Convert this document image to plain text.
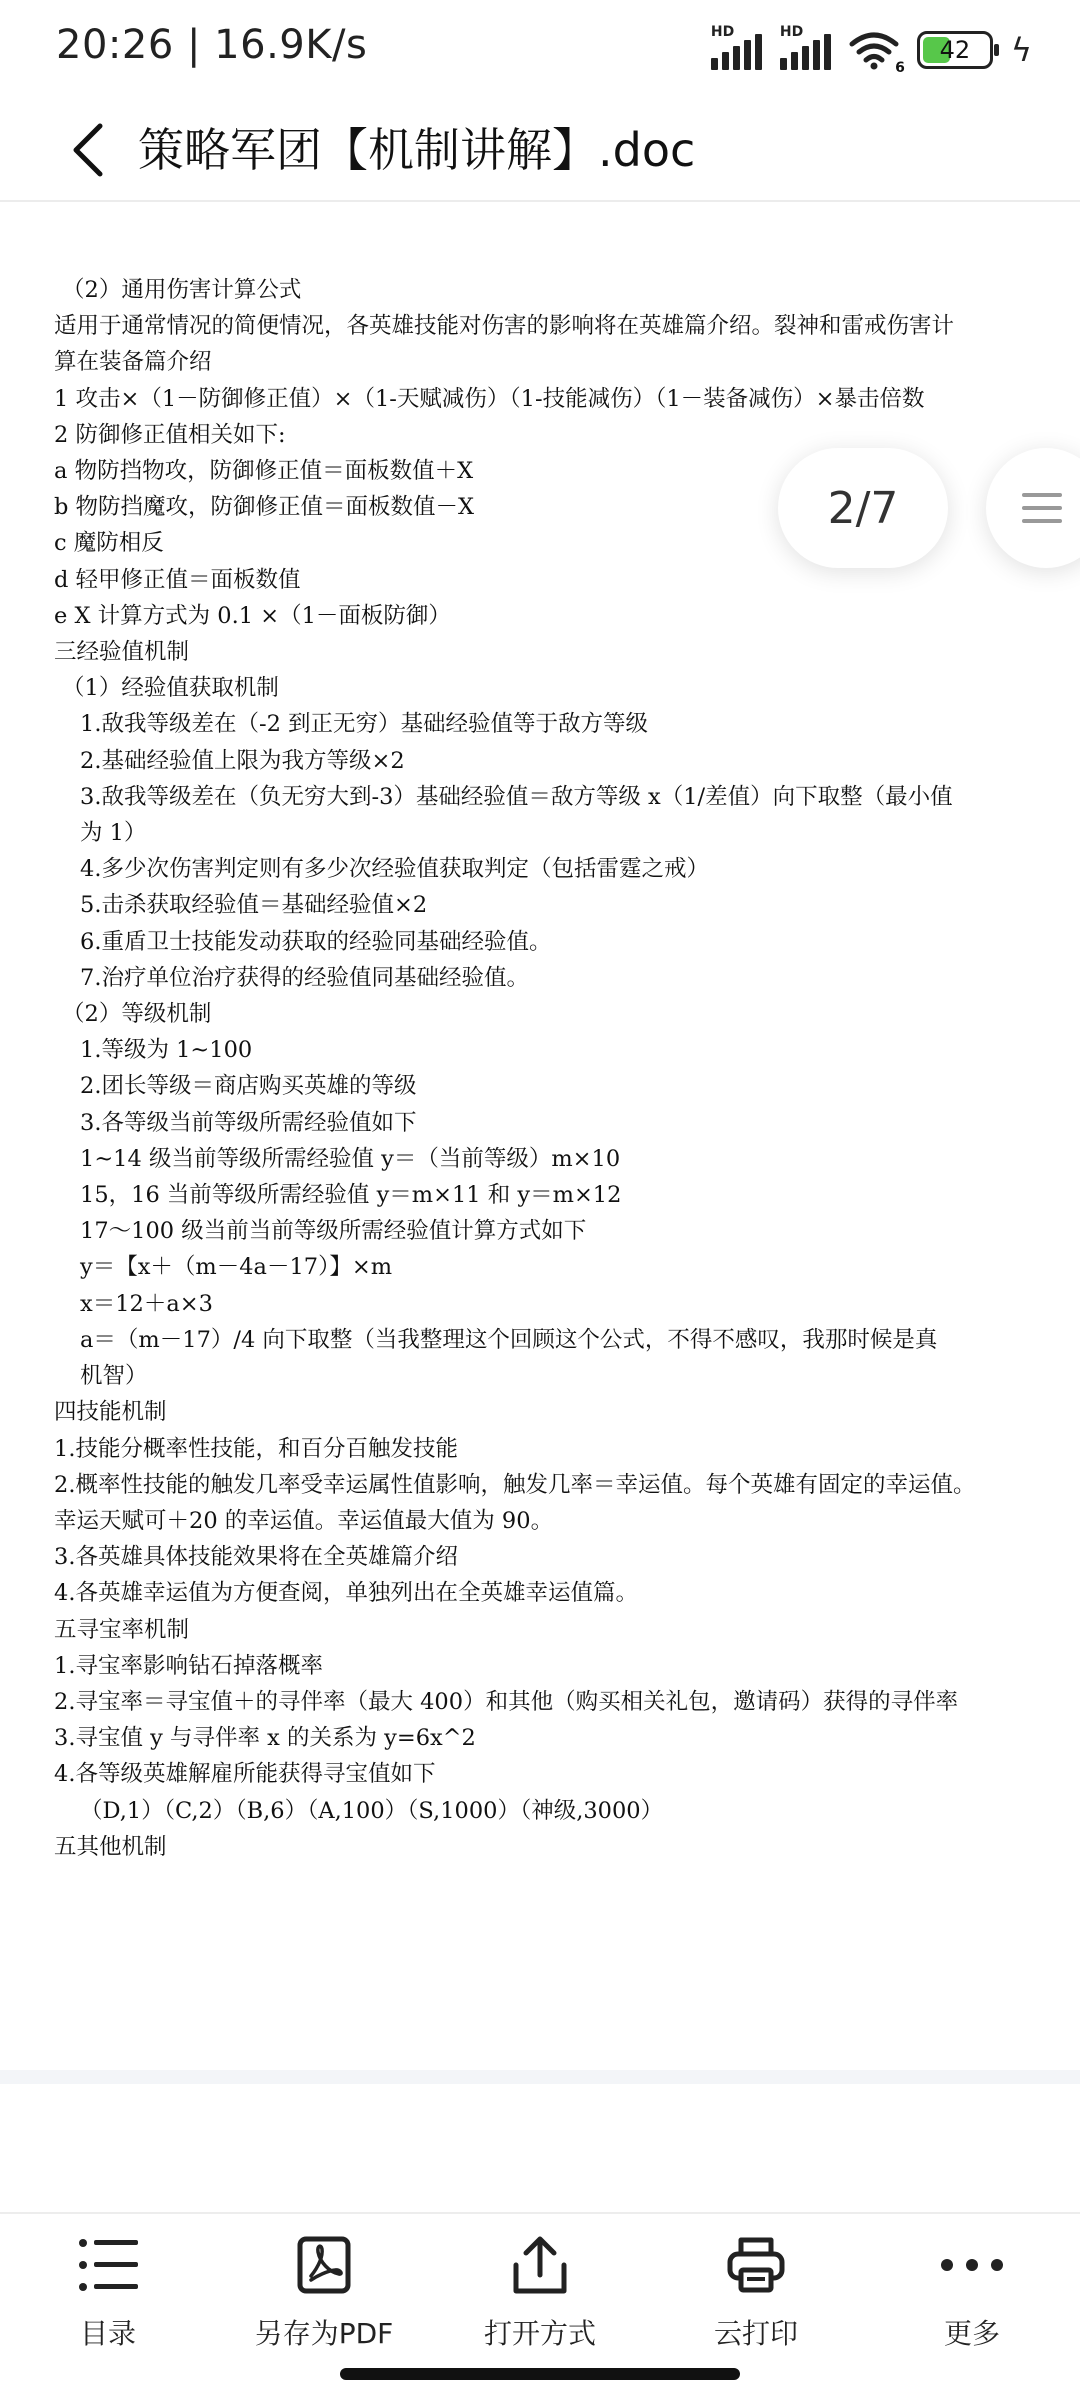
20:26 | 16.9K/s	HD	HD
6
42	ϟ
策略军团【机制讲解】.doc
（2）通用伤害计算公式
适用于通常情况的简便情况，各英雄技能对伤害的影响将在英雄篇介绍。裂神和雷戒伤害计
算在装备篇介绍
1 攻击×（1－防御修正值）×（1-天赋减伤）（1-技能减伤）（1－装备减伤）×暴击倍数
2 防御修正值相关如下:
a 物防挡物攻，防御修正值＝面板数值＋X
b 物防挡魔攻，防御修正值＝面板数值－X
c 魔防相反
d 轻甲修正值＝面板数值
e X 计算方式为 0.1 ×（1－面板防御）
三经验值机制
（1）经验值获取机制
1.敌我等级差在（-2 到正无穷）基础经验值等于敌方等级
2.基础经验值上限为我方等级×2
3.敌我等级差在（负无穷大到-3）基础经验值＝敌方等级 x（1/差值）向下取整（最小值
为 1）
4.多少次伤害判定则有多少次经验值获取判定（包括雷霆之戒）
5.击杀获取经验值＝基础经验值×2
6.重盾卫士技能发动获取的经验同基础经验值。
7.治疗单位治疗获得的经验值同基础经验值。
（2）等级机制
1.等级为 1~100
2.团长等级＝商店购买英雄的等级
3.各等级当前等级所需经验值如下
1~14 级当前等级所需经验值 y＝（当前等级）m×10
15，16 当前等级所需经验值 y＝m×11 和 y＝m×12
17～100 级当前当前等级所需经验值计算方式如下
y＝【x＋（m－4a－17）】×m
x＝12＋a×3
a＝（m－17）/4 向下取整（当我整理这个回顾这个公式，不得不感叹，我那时候是真
机智）
四技能机制
1.技能分概率性技能，和百分百触发技能
2.概率性技能的触发几率受幸运属性值影响，触发几率＝幸运值。每个英雄有固定的幸运值。
幸运天赋可＋20 的幸运值。幸运值最大值为 90。
3.各英雄具体技能效果将在全英雄篇介绍
4.各英雄幸运值为方便查阅，单独列出在全英雄幸运值篇。
五寻宝率机制
1.寻宝率影响钻石掉落概率
2.寻宝率＝寻宝值＋的寻伴率（最大 400）和其他（购买相关礼包，邀请码）获得的寻伴率
3.寻宝值 y 与寻伴率 x 的关系为 y=6x^2
4.各等级英雄解雇所能获得寻宝值如下
（D,1）（C,2）（B,6）（A,100）（S,1000）（神级,3000）
五其他机制
2/7
目录	另存为PDF	打开方式	云打印	更多
